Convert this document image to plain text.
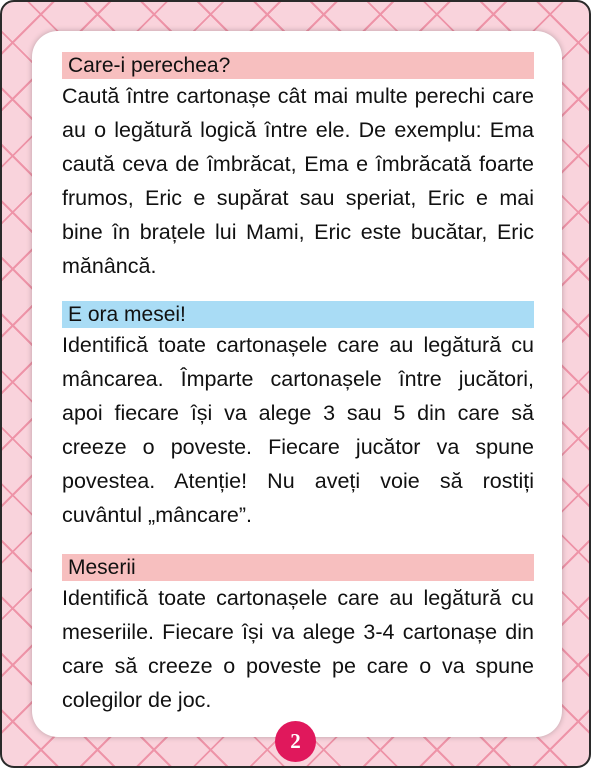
Care-i perechea?

Caută între cartonașe cât mai multe perechi care au o legătură logică între ele. De exemplu: Ema caută ceva de îmbrăcat, Ema e îmbrăcată foarte frumos, Eric e supărat sau speriat, Eric e mai bine în brațele lui Mami, Eric este bucătar, Eric mănâncă.

E ora mesei!

Identifică toate cartonașele care au legătură cu mâncarea. Împarte cartonașele între jucători, apoi fiecare își va alege 3 sau 5 din care să creeze o poveste. Fiecare jucător va spune povestea. Atenție! Nu aveți voie să rostiți cuvântul „mâncare”.

Meserii

Identifică toate cartonașele care au legătură cu meseriile. Fiecare își va alege 3-4 cartonașe din care să creeze o poveste pe care o va spune colegilor de joc.

2
